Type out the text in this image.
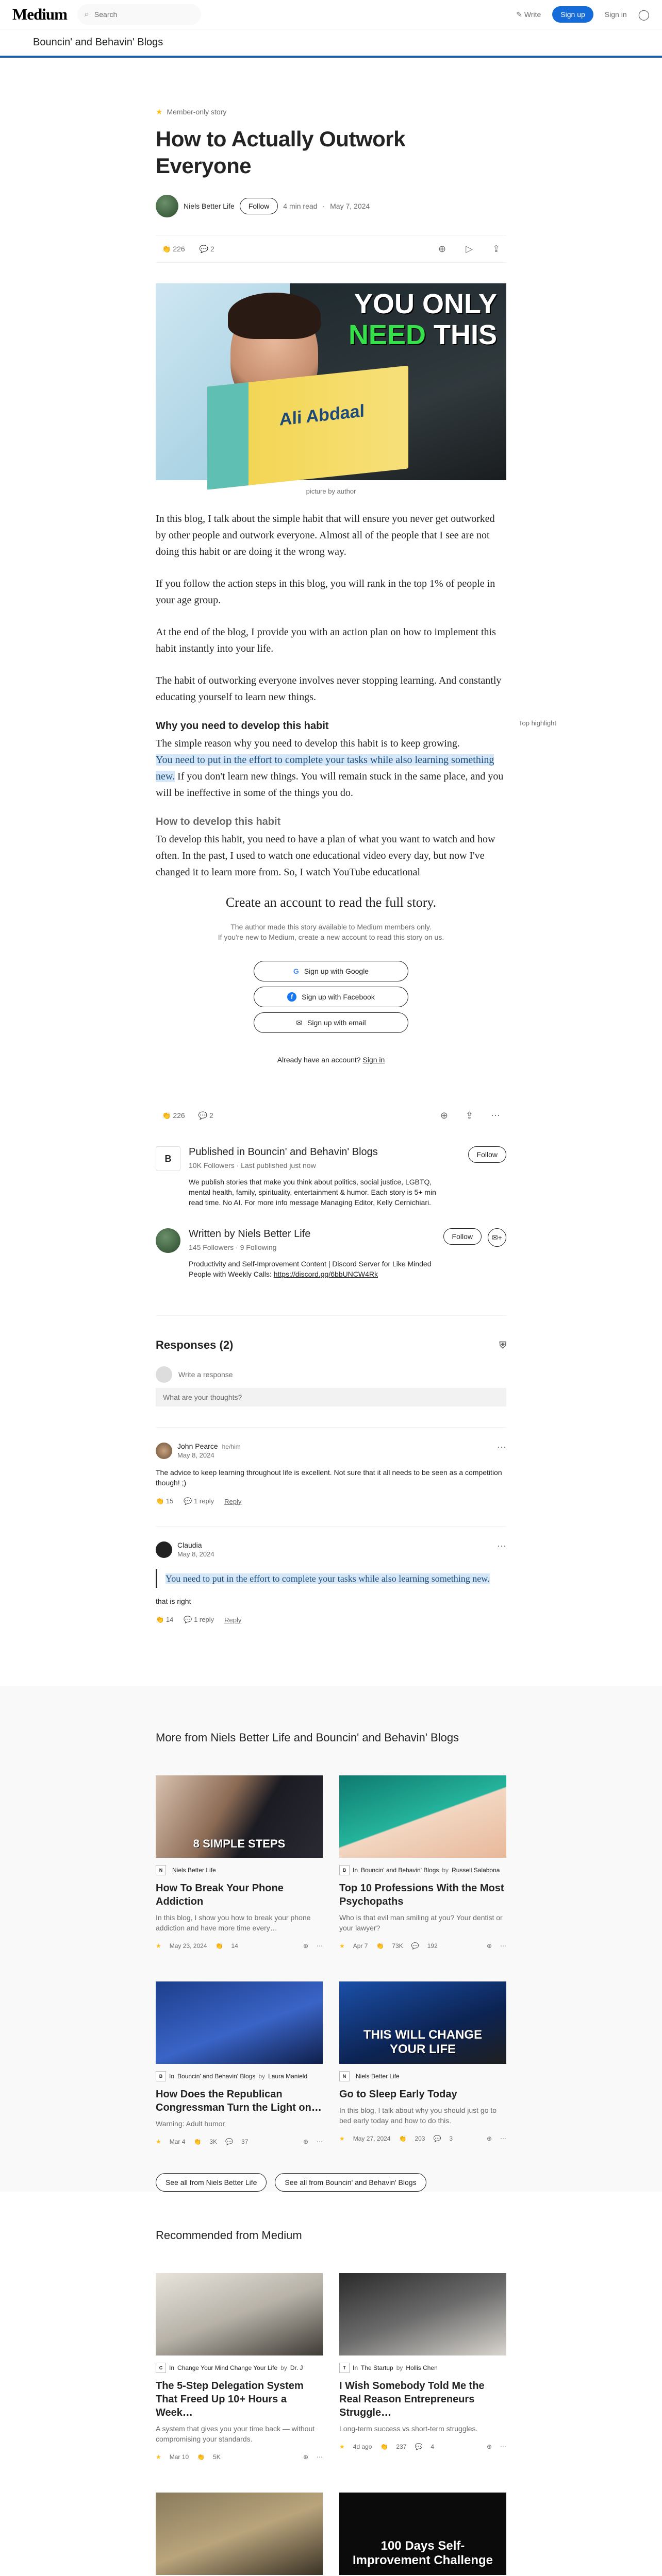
Medium ⌕ Search	✎ Write	Sign up	Sign in ◯
Bouncin' and Behavin' Blogs
★ Member-only story
How to Actually Outwork Everyone
Niels Better Life	Follow	4 min read · May 7, 2024
👏 226 💬 2	⊕ ▷ ⇪
Ali Abdaal
YOU ONLY
NEED THIS
picture by author

In this blog, I talk about the simple habit that will ensure you never get outworked by other people and outwork everyone. Almost all of the people that I see are not doing this habit or are doing it the wrong way.

If you follow the action steps in this blog, you will rank in the top 1% of people in your age group.

At the end of the blog, I provide you with an action plan on how to implement this habit instantly into your life.

The habit of outworking everyone involves never stopping learning. And constantly educating yourself to learn new things.

Why you need to develop this habit

The simple reason why you need to develop this habit is to keep growing.

You need to put in the effort to complete your tasks while also learning something new. If you don't learn new things. You will remain stuck in the same place, and you will be ineffective in some of the things you do.

How to develop this habit

To develop this habit, you need to have a plan of what you want to watch and how often. In the past, I used to watch one educational video every day, but now I've changed it to learn more from. So, I watch YouTube educational

Create an account to read the full story.
The author made this story available to Medium members only.
If you're new to Medium, create a new account to read this story on us.
G Sign up with Google
f	Sign up with Facebook
✉ Sign up with email
Already have an account? Sign in
👏 226 💬 2	⊕ ⇪ ⋯
B
Published in Bouncin' and Behavin' Blogs
10K Followers · Last published just now
We publish stories that make you think about politics, social justice, LGBTQ, mental health, family, spirituality, entertainment & humor. Each story is 5+ min read time. No AI. For more info message Managing Editor, Kelly Cernichiari.
Follow
Written by Niels Better Life
145 Followers · 9 Following
Productivity and Self-Improvement Content | Discord Server for Like Minded People with Weekly Calls: https://discord.gg/6bbUNCW4Rk
Follow	✉+
Responses (2)	⛨
Write a response
What are your thoughts?
John Pearce he/him
May 8, 2024
⋯
The advice to keep learning throughout life is excellent. Not sure that it all needs to be seen as a competition though! ;)
👏 15 💬 1 reply Reply
Claudia
May 8, 2024
⋯
You need to put in the effort to complete your tasks while also learning something new.
that is right
👏 14 💬 1 reply Reply
Top highlight
More from Niels Better Life and Bouncin' and Behavin' Blogs
8 SIMPLE STEPS
N	Niels Better Life
How To Break Your Phone Addiction
In this blog, I show you how to break your phone addiction and have more time every…
★ May 23, 2024 👏 14	⊕ ⋯
B	In Bouncin' and Behavin' Blogs by Russell Salabona
Top 10 Professions With the Most Psychopaths
Who is that evil man smiling at you? Your dentist or your lawyer?
★ Apr 7 👏 73K 💬 192	⊕ ⋯
B	In Bouncin' and Behavin' Blogs by Laura Manield
How Does the Republican Congressman Turn the Light on…
Warning: Adult humor
★ Mar 4 👏 3K 💬 37	⊕ ⋯
THIS WILL CHANGE YOUR LIFE
N	Niels Better Life
Go to Sleep Early Today
In this blog, I talk about why you should just go to bed early today and how to do this.
★ May 27, 2024 👏 203 💬 3	⊕ ⋯
See all from Niels Better Life	See all from Bouncin' and Behavin' Blogs
Recommended from Medium
C	In Change Your Mind Change Your Life by Dr. J
The 5-Step Delegation System That Freed Up 10+ Hours a Week…
A system that gives you your time back — without compromising your standards.
★ Mar 10 👏 5K	⊕ ⋯
T	In The Startup by Hollis Chen
I Wish Somebody Told Me the Real Reason Entrepreneurs Struggle…
Long-term success vs short-term struggles.
★ 4d ago 👏 237 💬 4	⊕ ⋯
100 Days Self-Improvement Challenge
